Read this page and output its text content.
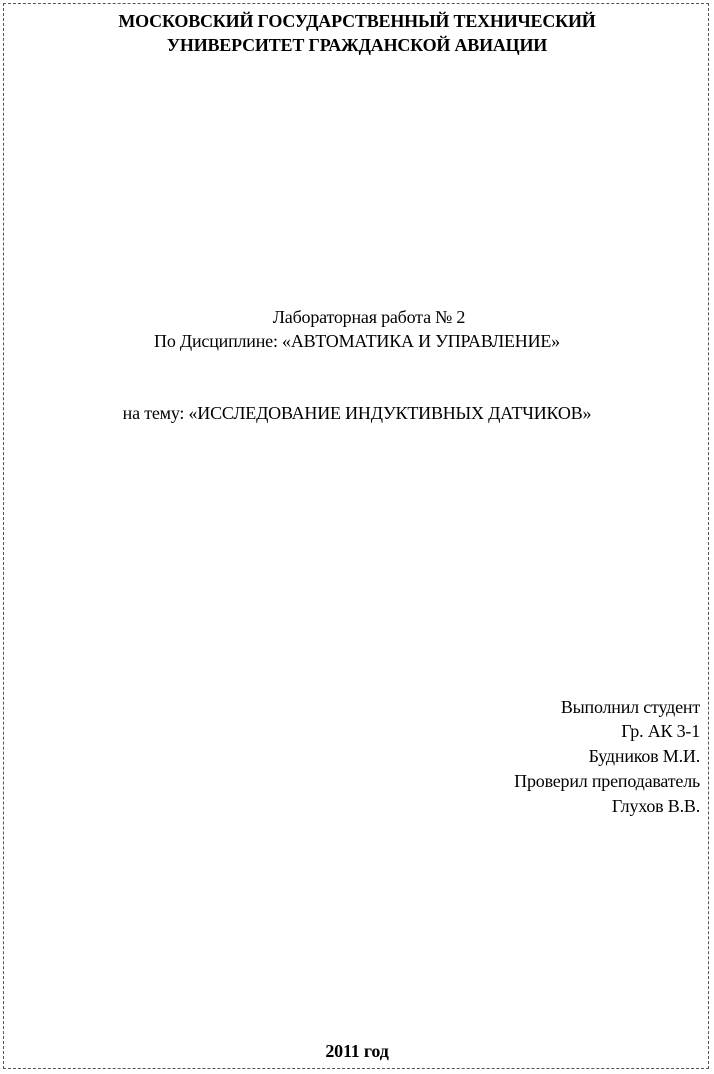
МОСКОВСКИЙ ГОСУДАРСТВЕННЫЙ ТЕХНИЧЕСКИЙ
УНИВЕРСИТЕТ ГРАЖДАНСКОЙ АВИАЦИИ
Лабораторная работа № 2
По Дисциплине: «АВТОМАТИКА И УПРАВЛЕНИЕ»
на тему: «ИССЛЕДОВАНИЕ ИНДУКТИВНЫХ ДАТЧИКОВ»
Выполнил студент
Гр. АК 3-1
Будников М.И.
Проверил преподаватель
Глухов В.В.
2011 год
